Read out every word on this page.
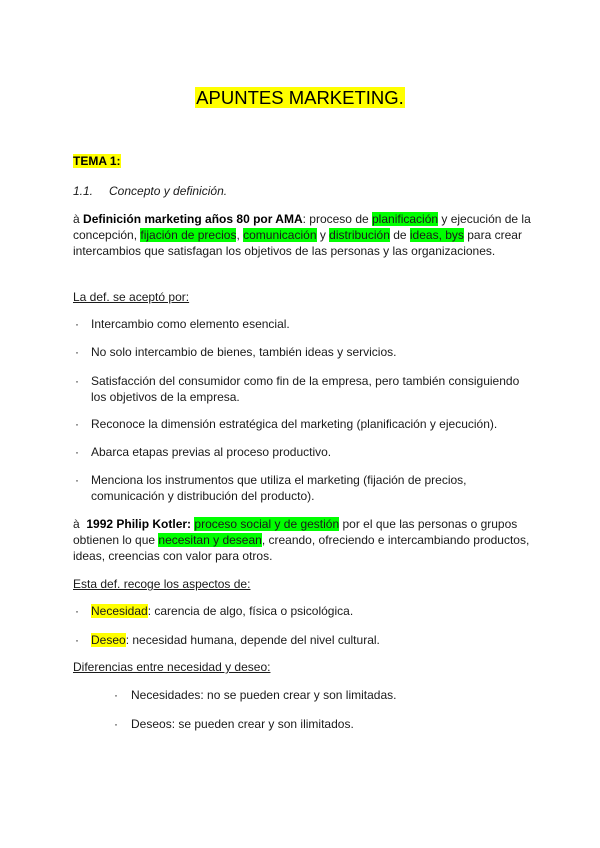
APUNTES MARKETING.
TEMA 1:
1.1. Concepto y definición.
à Definición marketing años 80 por AMA: proceso de planificación y ejecución de la concepción, fijación de precios, comunicación y distribución de ideas, bys para crear intercambios que satisfagan los objetivos de las personas y las organizaciones.
La def. se aceptó por:
· Intercambio como elemento esencial.
· No solo intercambio de bienes, también ideas y servicios.
· Satisfacción del consumidor como fin de la empresa, pero también consiguiendo los objetivos de la empresa.
· Reconoce la dimensión estratégica del marketing (planificación y ejecución).
· Abarca etapas previas al proceso productivo.
· Menciona los instrumentos que utiliza el marketing (fijación de precios, comunicación y distribución del producto).
à 1992 Philip Kotler: proceso social y de gestión por el que las personas o grupos obtienen lo que necesitan y desean, creando, ofreciendo e intercambiando productos, ideas, creencias con valor para otros.
Esta def. recoge los aspectos de:
· Necesidad: carencia de algo, física o psicológica.
· Deseo: necesidad humana, depende del nivel cultural.
Diferencias entre necesidad y deseo:
· Necesidades: no se pueden crear y son limitadas.
· Deseos: se pueden crear y son ilimitados.
